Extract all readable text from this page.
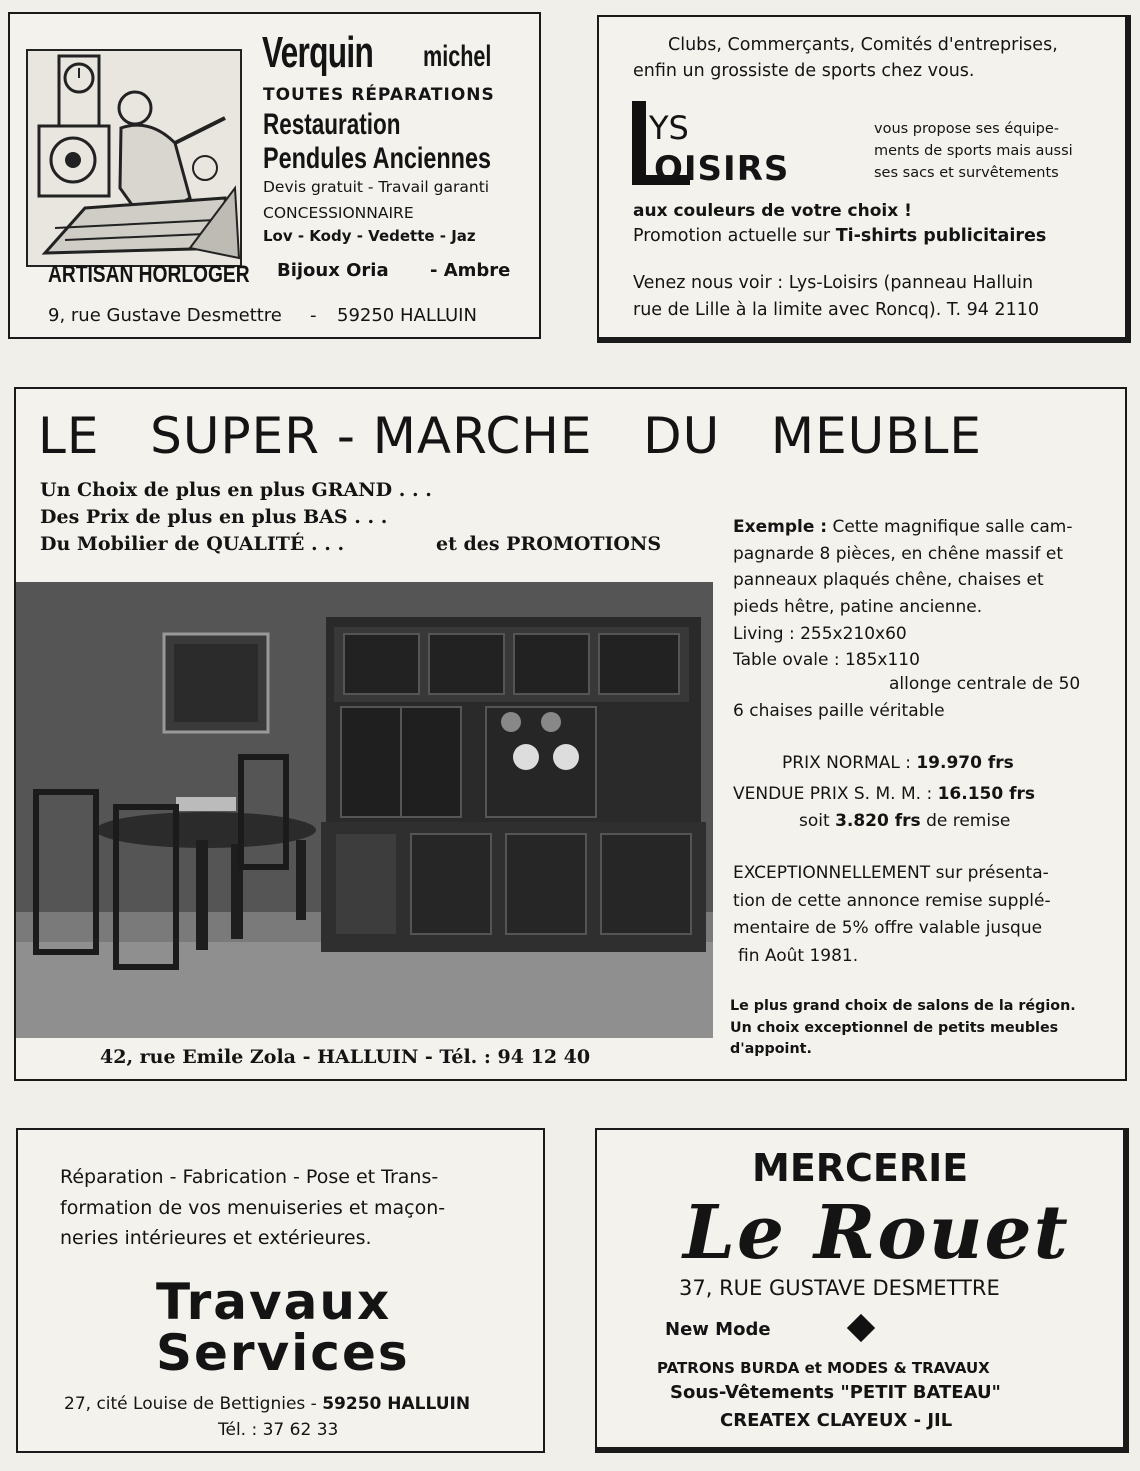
Verquin michel
TOUTES RÉPARATIONS
Restauration
Pendules Anciennes
Devis gratuit - Travail garanti
CONCESSIONNAIRE
Lov - Kody - Vedette - Jaz
Bijoux Oria - Ambre
ARTISAN HORLOGER
9, rue Gustave Desmettre - 59250 HALLUIN
Clubs, Commerçants, Comités d'entreprises,
enfin un grossiste de sports chez vous.
YS
OISIRS
vous propose ses équipe-
ments de sports mais aussi
ses sacs et survêtements
aux couleurs de votre choix !
Promotion actuelle sur Ti-shirts publicitaires
Venez nous voir : Lys-Loisirs (panneau Halluin
rue de Lille à la limite avec Roncq). T. 94 2110
LE   SUPER - MARCHE   DU   MEUBLE
Un Choix de plus en plus GRAND . . .
Des Prix de plus en plus BAS . . .
Du Mobilier de QUALITÉ . . .	et des PROMOTIONS
Exemple : Cette magnifique salle cam-
pagnarde 8 pièces, en chêne massif et
panneaux plaqués chêne, chaises et
pieds hêtre, patine ancienne.
Living : 255x210x60
Table ovale : 185x110
allonge centrale de 50
6 chaises paille véritable
PRIX NORMAL : 19.970 frs
VENDUE PRIX S. M. M. : 16.150 frs
soit 3.820 frs de remise
EXCEPTIONNELLEMENT sur présenta-
tion de cette annonce remise supplé-
mentaire de 5% offre valable jusque
fin Août 1981.
Le plus grand choix de salons de la région.
Un choix exceptionnel de petits meubles
d'appoint.
42, rue Emile Zola - HALLUIN - Tél. : 94 12 40
Réparation - Fabrication - Pose et Trans-
formation de vos menuiseries et maçon-
neries intérieures et extérieures.
Travaux
Services
27, cité Louise de Bettignies - 59250 HALLUIN
Tél. : 37 62 33
MERCERIE
Le Rouet
37, RUE GUSTAVE DESMETTRE
New Mode
PATRONS BURDA et MODES & TRAVAUX
Sous-Vêtements "PETIT BATEAU"
CREATEX CLAYEUX - JIL
